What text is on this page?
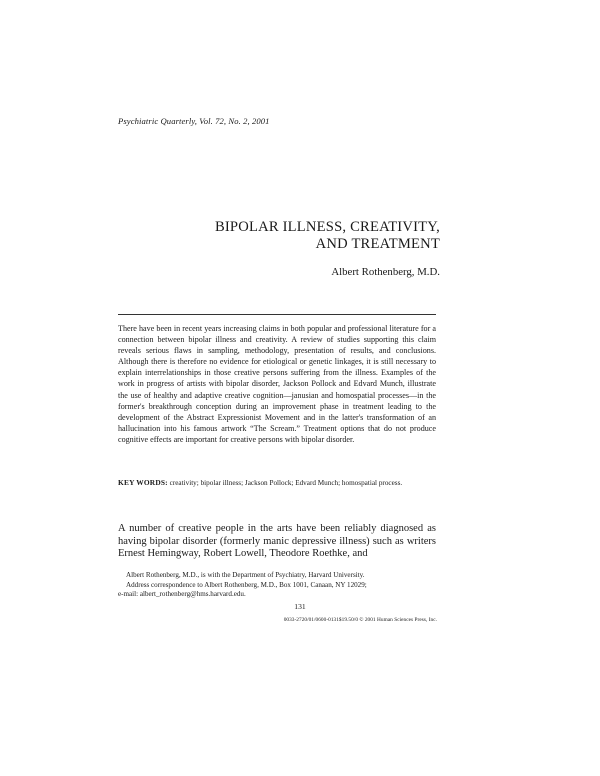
Psychiatric Quarterly, Vol. 72, No. 2, 2001
BIPOLAR ILLNESS, CREATIVITY,
AND TREATMENT
Albert Rothenberg, M.D.
There have been in recent years increasing claims in both popular and professional literature for a connection between bipolar illness and creativity. A review of studies supporting this claim reveals serious flaws in sampling, methodology, presentation of results, and conclusions. Although there is therefore no evidence for etiological or genetic linkages, it is still necessary to explain interrelationships in those creative persons suffering from the illness. Examples of the work in progress of artists with bipolar disorder, Jackson Pollock and Edvard Munch, illustrate the use of healthy and adaptive creative cognition—janusian and homospatial processes—in the former's breakthrough conception during an improvement phase in treatment leading to the development of the Abstract Expressionist Movement and in the latter's transformation of an hallucination into his famous artwork “The Scream.” Treatment options that do not produce cognitive effects are important for creative persons with bipolar disorder.
KEY WORDS: creativity; bipolar illness; Jackson Pollock; Edvard Munch; homospatial process.
A number of creative people in the arts have been reliably diagnosed as having bipolar disorder (formerly manic depressive illness) such as writers Ernest Hemingway, Robert Lowell, Theodore Roethke, and
Albert Rothenberg, M.D., is with the Department of Psychiatry, Harvard University.
Address correspondence to Albert Rothenberg, M.D., Box 1001, Canaan, NY 12029;
e-mail: albert_rothenberg@hms.harvard.edu.
131
0033-2720/01/0600-0131$19.50/0 © 2001 Human Sciences Press, Inc.
